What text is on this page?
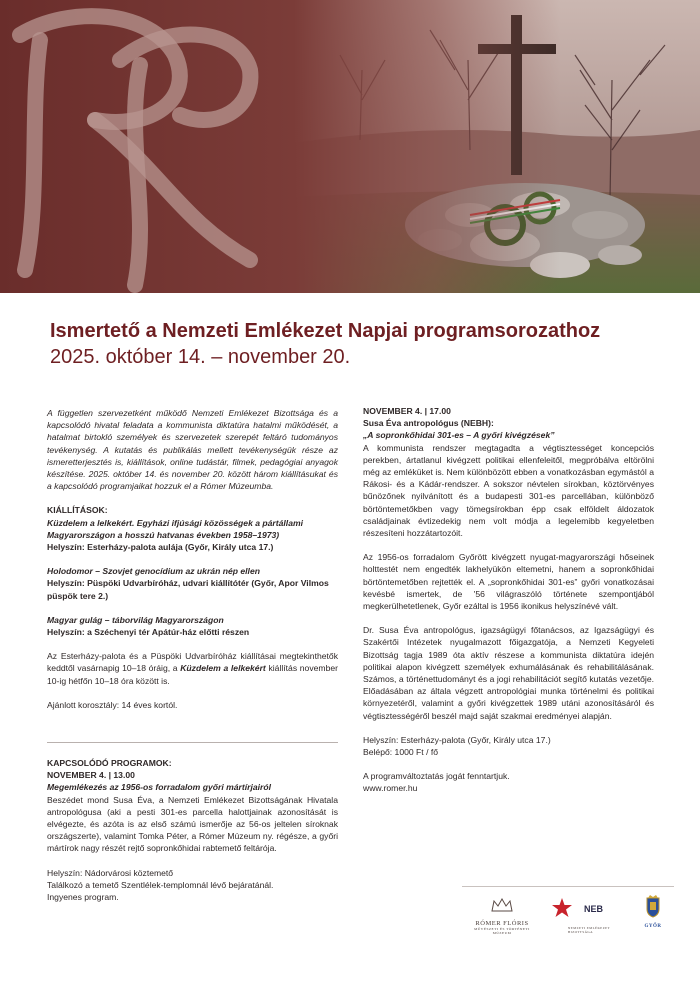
Ismertető a Nemzeti Emlékezet Napjai programsorozathoz
2025. október 14. – november 20.

A független szervezetként működő Nemzeti Emlékezet Bizottsága és a kapcsolódó hivatal feladata a kommunista diktatúra hatalmi működését, a hatalmat birtokló személyek és szervezetek szerepét feltáró tudományos tevékenység. A kutatás és publikálás mellett tevékenységük része az ismeretterjesztés is, kiállítások, online tudástár, filmek, pedagógiai anyagok készítése. 2025. október 14. és november 20. között három kiállításukat és a kapcsolódó programjaikat hozzuk el a Rómer Múzeumba.

KIÁLLÍTÁSOK:

Küzdelem a lelkekért. Egyházi ifjúsági közösségek a pártállami Magyarországon a hosszú hatvanas években 1958–1973)

Helyszín: Esterházy-palota aulája (Győr, Király utca 17.)

Holodomor – Szovjet genocídium az ukrán nép ellen

Helyszín: Püspöki Udvarbíróház, udvari kiállítótér (Győr, Apor Vilmos püspök tere 2.)

Magyar gulág – táborvilág Magyarországon

Helyszín: a Széchenyi tér Apátúr-ház előtti részen

Az Esterházy-palota és a Püspöki Udvarbíróház kiállításai megtekinthetők keddtől vasárnapig 10–18 óráig, a Küzdelem a lelkekért kiállítás november 10-ig hétfőn 10–18 óra között is.

Ajánlott korosztály: 14 éves kortól.

KAPCSOLÓDÓ PROGRAMOK:

NOVEMBER 4. | 13.00

Megemlékezés az 1956-os forradalom győri mártírjairól

Beszédet mond Susa Éva, a Nemzeti Emlékezet Bizottságának Hivatala antropológusa (aki a pesti 301-es parcella halottjainak azonosítását is elvégezte, és azóta is az első számú ismerője az 56-os jeltelen síroknak országszerte), valamint Tomka Péter, a Rómer Múzeum ny. régésze, a győri mártírok nagy részét rejtő sopronkőhidai rabtemető feltárója.

Helyszín: Nádorvárosi köztemető

Találkozó a temető Szentlélek-templomnál lévő bejáratánál.

Ingyenes program.

NOVEMBER 4. | 17.00

Susa Éva antropológus (NEBH):

„A sopronkőhidai 301-es – A győri kivégzések”

A kommunista rendszer megtagadta a végtisztességet koncepciós perekben, ártatlanul kivégzett politikai ellenfeleitől, megpróbálva eltörölni még az emléküket is. Nem különbözött ebben a vonatkozásban egymástól a Rákosi- és a Kádár-rendszer. A sokszor névtelen sírokban, köztörvényes bűnözőnek nyilvánított és a budapesti 301-es parcellában, különböző börtöntemetőkben vagy tömegsírokban épp csak elföldelt áldozatok családjainak évtizedekig nem volt módja a legelemibb kegyeletben részesíteni hozzátartozóit.

Az 1956-os forradalom Győrött kivégzett nyugat-magyarországi hőseinek holttestét nem engedték lakhelyükön eltemetni, hanem a sopronkőhidai börtöntemetőben rejtették el. A „sopronkőhidai 301-es” győri vonatkozásai kevésbé ismertek, de '56 világraszóló története szempontjából megkerülhetetlenek, Győr ezáltal is 1956 ikonikus helyszínévé vált.

Dr. Susa Éva antropológus, igazságügyi főtanácsos, az Igazságügyi és Szakértői Intézetek nyugalmazott főigazgatója, a Nemzeti Kegyeleti Bizottság tagja 1989 óta aktív részese a kommunista diktatúra idején politikai alapon kivégzett személyek exhumálásának és rehabilitálásának. Számos, a történettudományt és a jogi rehabilitációt segítő kutatás vezetője. Előadásában az általa végzett antropológiai munka történelmi és politikai környezetéről, valamint a győri kivégzettek 1989 utáni azonosításáról és végtisztességéről beszél majd saját szakmai eredményei alapján.

Helyszín: Esterházy-palota (Győr, Király utca 17.)

Belépő: 1000 Ft / fő

A programváltoztatás jogát fenntartjuk.

www.romer.hu

RÓMER FLÓRIS
MŰVÉSZETI ÉS TÖRTÉNETI MÚZEUM
NEB
NEMZETI EMLÉKEZET BIZOTTSÁGA
GYŐR
